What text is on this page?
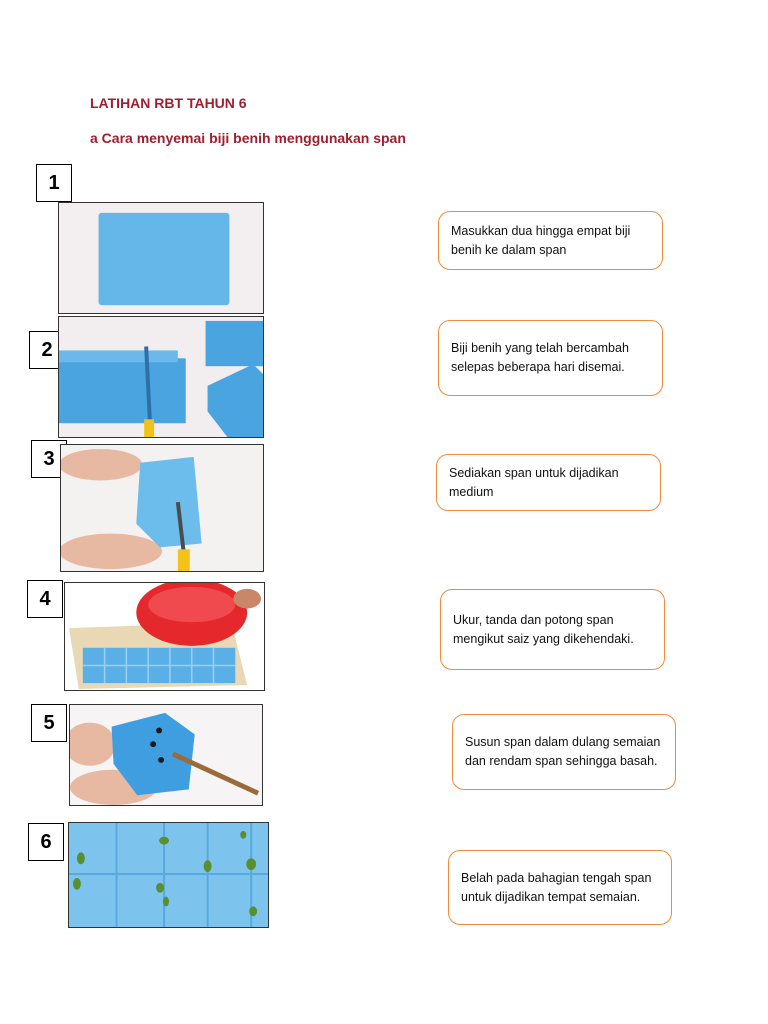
LATIHAN RBT TAHUN 6
a Cara menyemai biji benih menggunakan span
1
2
3
4
5
6
Masukkan dua hingga empat biji benih ke dalam span
Biji benih yang telah bercambah selepas beberapa hari disemai.
Sediakan span untuk dijadikan medium
Ukur, tanda dan potong span mengikut saiz yang dikehendaki.
Susun span dalam dulang semaian dan rendam span sehingga basah.
Belah pada bahagian tengah span untuk dijadikan tempat semaian.
